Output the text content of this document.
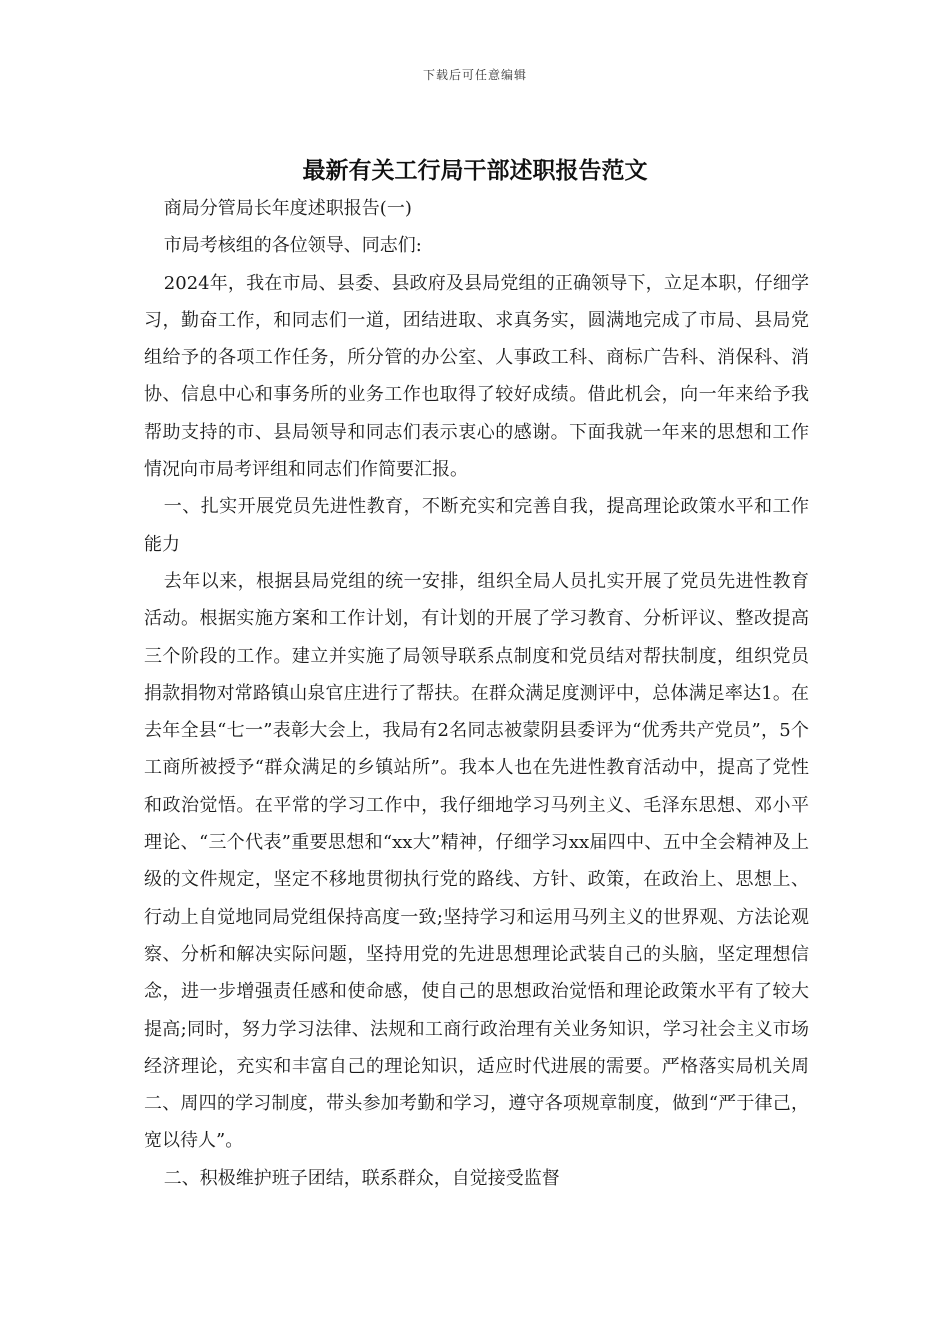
下载后可任意编辑
最新有关工行局干部述职报告范文

商局分管局长年度述职报告(一)

市局考核组的各位领导、同志们:

2024年，我在市局、县委、县政府及县局党组的正确领导下，立足本职，仔细学习，勤奋工作，和同志们一道，团结进取、求真务实，圆满地完成了市局、县局党组给予的各项工作任务，所分管的办公室、人事政工科、商标广告科、消保科、消协、信息中心和事务所的业务工作也取得了较好成绩。借此机会，向一年来给予我帮助支持的市、县局领导和同志们表示衷心的感谢。下面我就一年来的思想和工作情况向市局考评组和同志们作简要汇报。

一、扎实开展党员先进性教育，不断充实和完善自我，提高理论政策水平和工作能力

去年以来，根据县局党组的统一安排，组织全局人员扎实开展了党员先进性教育活动。根据实施方案和工作计划，有计划的开展了学习教育、分析评议、整改提高三个阶段的工作。建立并实施了局领导联系点制度和党员结对帮扶制度，组织党员捐款捐物对常路镇山泉官庄进行了帮扶。在群众满足度测评中，总体满足率达1。在去年全县“七一”表彰大会上，我局有2名同志被蒙阴县委评为“优秀共产党员”，5个工商所被授予“群众满足的乡镇站所”。我本人也在先进性教育活动中，提高了党性和政治觉悟。在平常的学习工作中，我仔细地学习马列主义、毛泽东思想、邓小平理论、“三个代表”重要思想和“xx大”精神，仔细学习xx届四中、五中全会精神及上级的文件规定，坚定不移地贯彻执行党的路线、方针、政策，在政治上、思想上、行动上自觉地同局党组保持高度一致;坚持学习和运用马列主义的世界观、方法论观察、分析和解决实际问题，坚持用党的先进思想理论武装自己的头脑，坚定理想信念，进一步增强责任感和使命感，使自己的思想政治觉悟和理论政策水平有了较大提高;同时，努力学习法律、法规和工商行政治理有关业务知识，学习社会主义市场经济理论，充实和丰富自己的理论知识，适应时代进展的需要。严格落实局机关周二、周四的学习制度，带头参加考勤和学习，遵守各项规章制度，做到“严于律己，宽以待人”。

二、积极维护班子团结，联系群众，自觉接受监督
